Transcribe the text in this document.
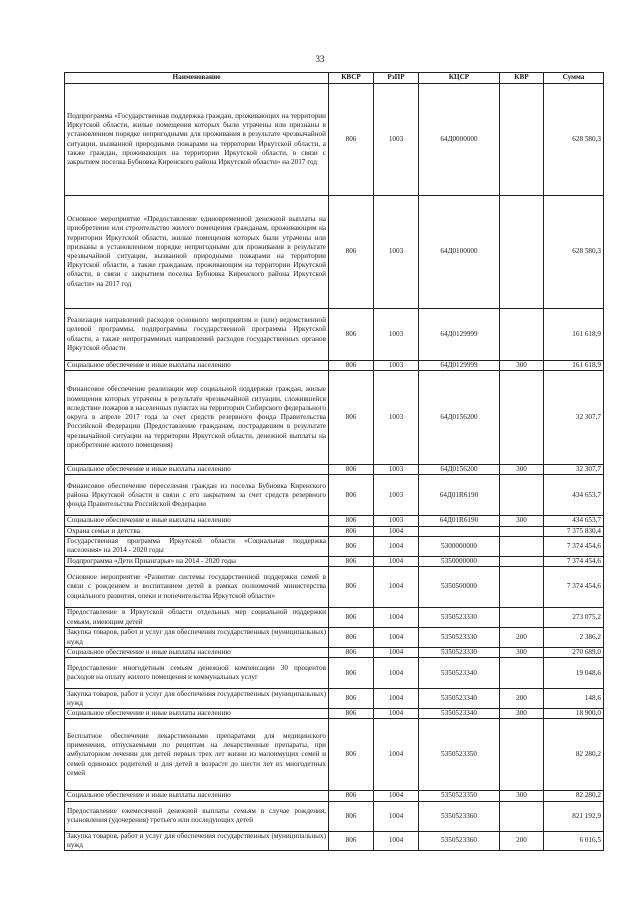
33
Наименование	КВСР	РзПР	КЦСР	КВР	Сумма
Подпрограмма «Государственная поддержка граждан, проживающих на территории Иркутской области, жилые помещения которых были утрачены или признаны в установленном порядке непригодными для проживания в результате чрезвычайной ситуации, вызванной природными пожарами на территории Иркутской области, а также граждан, проживающих на территории Иркутской области, в связи с закрытием поселка Бубновка Киренского района Иркутской области» на 2017 год	806	1003	64Д0000000		628 580,3
Основное мероприятие «Предоставление единовременной денежной выплаты на приобретение или строительство жилого помещения гражданам, проживающим на территории Иркутской области, жилые помещения которых были утрачены или признаны в установленном порядке непригодными для проживания в результате чрезвычайной ситуации, вызванной природными пожарами на территории Иркутской области, а также гражданам, проживающим на территории Иркутской области, в связи с закрытием поселка Бубновка Киренского района Иркутской области» на 2017 год	806	1003	64Д0100000		628 580,3
Реализация направлений расходов основного мероприятия и (или) ведомственной целевой программы, подпрограммы государственной программы Иркутской области, а также непрограммных направлений расходов государственных органов Иркутской области	806	1003	64Д0129999		161 618,9
Социальное обеспечение и иные выплаты населению	806	1003	64Д0129999	300	161 618,9
Финансовое обеспечение реализации мер социальной поддержки граждан, жилые помещения которых утрачены в результате чрезвычайной ситуации, сложившейся вследствие пожаров в населенных пунктах на территории Сибирского федерального округа в апреле 2017 года за счет средств резервного фонда Правительства Российской Федерации (Предоставление гражданам, пострадавшим в результате чрезвычайной ситуации на территории Иркутской области, денежной выплаты на приобретение жилого помещения)	806	1003	64Д0156200		32 307,7
Социальное обеспечение и иные выплаты населению	806	1003	64Д0156200	300	32 307,7
Финансовое обеспечение переселения граждан из поселка Бубновка Киренского района Иркутской области в связи с его закрытием за счет средств резервного фонда Правительства Российской Федерации	806	1003	64Д01R6190		434 653,7
Социальное обеспечение и иные выплаты населению	806	1003	64Д01R6190	300	434 653,7
Охрана семьи и детства	806	1004			7 375 830,4
Государственная программа Иркутской области «Социальная поддержка населения» на 2014 - 2020 годы	806	1004	5300000000		7 374 454,6
Подпрограмма «Дети Приангарья» на 2014 - 2020 годы	806	1004	5350000000		7 374 454,6
Основное мероприятие «Развитие системы государственной поддержки семей в связи с рождением и воспитанием детей в рамках полномочий министерства социального развития, опеки и попечительства Иркутской области»	806	1004	5350500000		7 374 454,6
Предоставление в Иркутской области отдельных мер социальной поддержки семьям, имеющим детей	806	1004	5350523330		273 075,2
Закупка товаров, работ и услуг для обеспечения государственных (муниципальных) нужд	806	1004	5350523330	200	2 386,2
Социальное обеспечение и иные выплаты населению	806	1004	5350523330	300	270 689,0
Предоставление многодетным семьям денежной компенсации 30 процентов расходов на оплату жилого помещения и коммунальных услуг	806	1004	5350523340		19 048,6
Закупка товаров, работ и услуг для обеспечения государственных (муниципальных) нужд	806	1004	5350523340	200	148,6
Социальное обеспечение и иные выплаты населению	806	1004	5350523340	300	18 900,0
Бесплатное обеспечение лекарственными препаратами для медицинского применения, отпускаемыми по рецептам на лекарственные препараты, при амбулаторном лечении для детей первых трех лет жизни из малоимущих семей и семей одиноких родителей и для детей в возрасте до шести лет из многодетных семей	806	1004	5350523350		82 280,2
Социальное обеспечение и иные выплаты населению	806	1004	5350523350	300	82 280,2
Предоставление ежемесячной денежной выплаты семьям в случае рождения, усыновления (удочерения) третьего или последующих детей	806	1004	5350523360		821 192,9
Закупка товаров, работ и услуг для обеспечения государственных (муниципальных) нужд	806	1004	5350523360	200	6 016,5
